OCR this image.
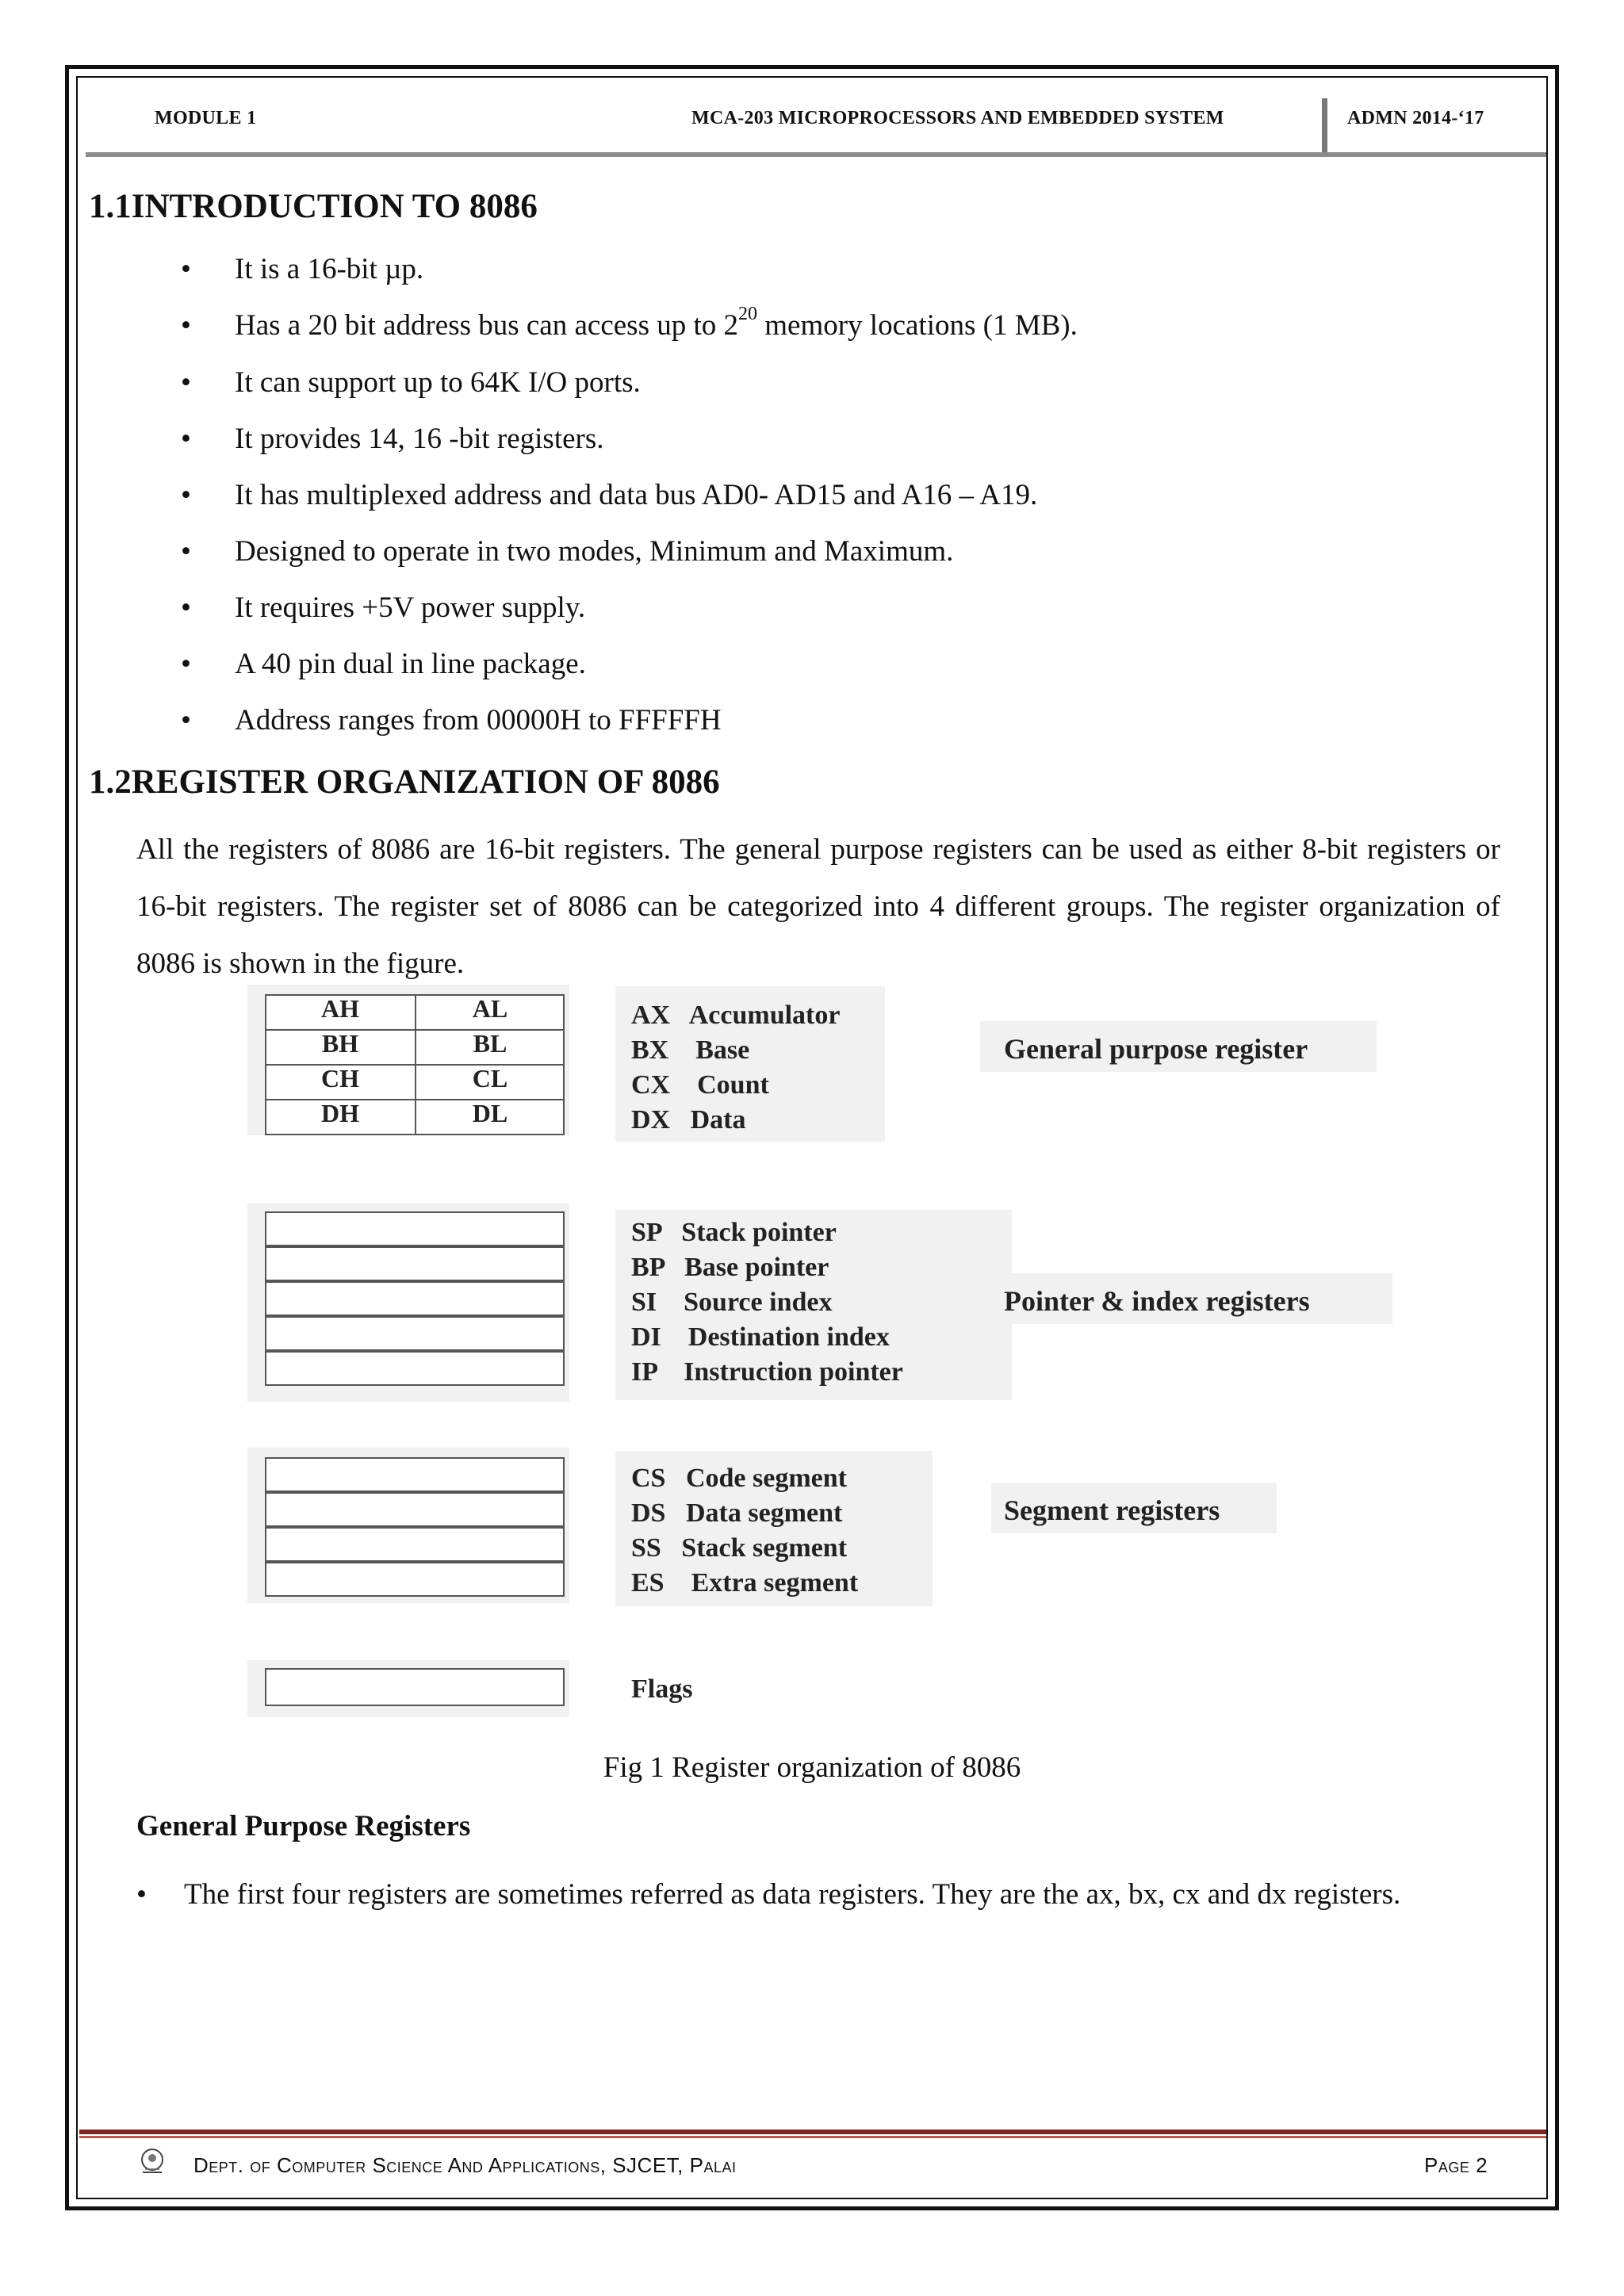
MODULE 1	MCA-203 MICROPROCESSORS AND EMBEDDED SYSTEM	ADMN 2014-‘17
1.1INTRODUCTION TO 8086
• It is a 16-bit µp.
• Has a 20 bit address bus can access up to $2^{20}$ memory locations (1 MB).
• It can support up to 64K I/O ports.
• It provides 14, 16 -bit registers.
• It has multiplexed address and data bus AD0- AD15 and A16 – A19.
• Designed to operate in two modes, Minimum and Maximum.
• It requires +5V power supply.
• A 40 pin dual in line package.
• Address ranges from 00000H to FFFFFH
1.2REGISTER ORGANIZATION OF 8086
All the registers of 8086 are 16-bit registers. The general purpose registers can be used as either 8-bit registers or 16-bit registers. The register set of 8086 can be categorized into 4 different groups. The register organization of 8086 is shown in the figure.
AH	AL
BH	BL
CH	CL
DH	DL
AX   Accumulator
BX    Base
CX    Count
DX   Data
General purpose register
SP   Stack pointer
BP   Base pointer
SI    Source index
DI    Destination index
IP    Instruction pointer
Pointer & index registers
CS   Code segment
DS   Data segment
SS   Stack segment
ES    Extra segment
Segment registers
Flags
Fig 1 Register organization of 8086
General Purpose Registers
• The first four registers are sometimes referred as data registers. They are the ax, bx, cx and dx registers.
Dept. of Computer Science And Applications, SJCET, Palai	Page 2
